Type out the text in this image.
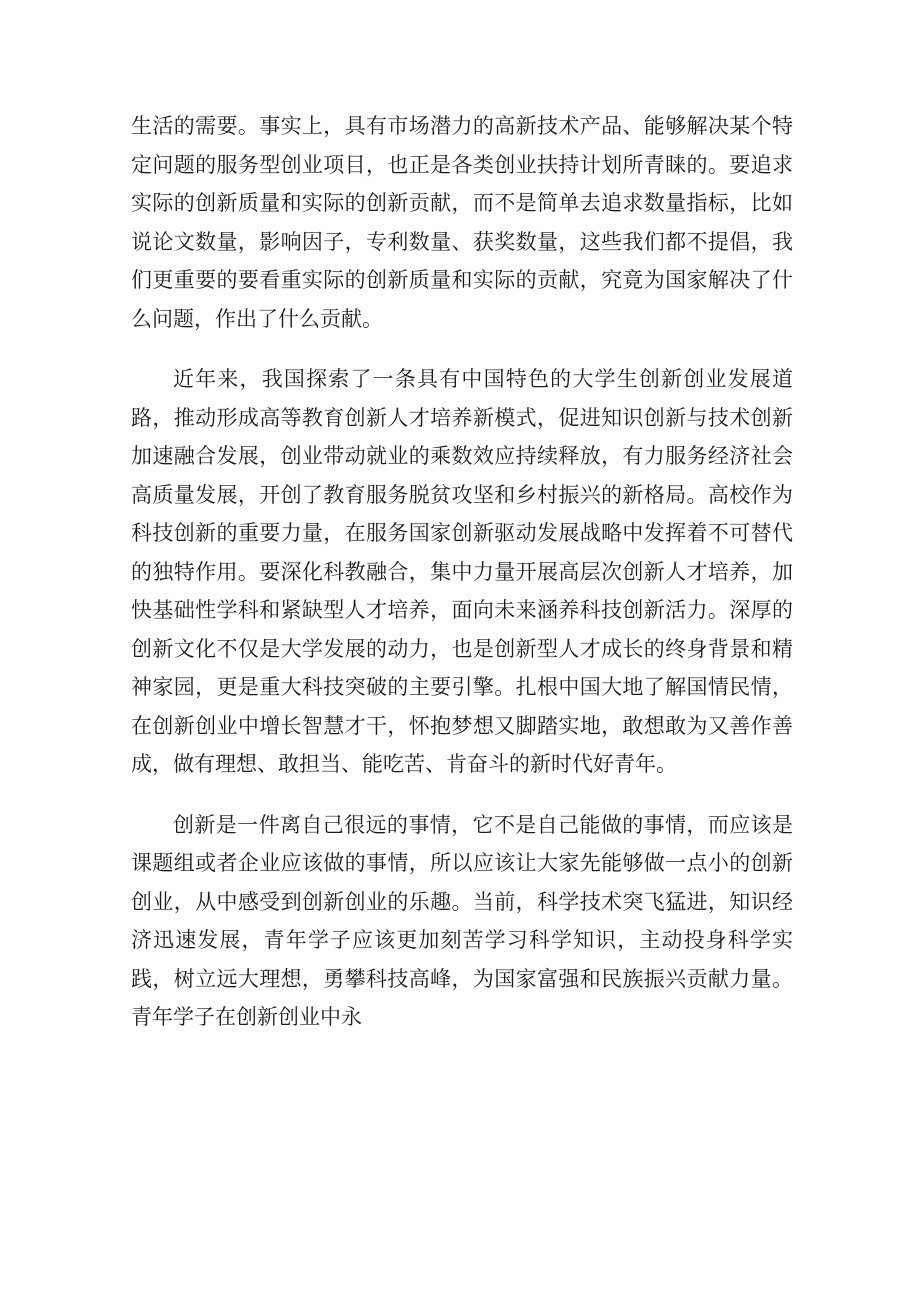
生活的需要。事实上，具有市场潜力的高新技术产品、能够解决某个特定问题的服务型创业项目，也正是各类创业扶持计划所青睐的。要追求实际的创新质量和实际的创新贡献，而不是简单去追求数量指标，比如说论文数量，影响因子，专利数量、获奖数量，这些我们都不提倡，我们更重要的要看重实际的创新质量和实际的贡献，究竟为国家解决了什么问题，作出了什么贡献。

近年来，我国探索了一条具有中国特色的大学生创新创业发展道路，推动形成高等教育创新人才培养新模式，促进知识创新与技术创新加速融合发展，创业带动就业的乘数效应持续释放，有力服务经济社会高质量发展，开创了教育服务脱贫攻坚和乡村振兴的新格局。高校作为科技创新的重要力量，在服务国家创新驱动发展战略中发挥着不可替代的独特作用。要深化科教融合，集中力量开展高层次创新人才培养，加快基础性学科和紧缺型人才培养，面向未来涵养科技创新活力。深厚的创新文化不仅是大学发展的动力，也是创新型人才成长的终身背景和精神家园，更是重大科技突破的主要引擎。扎根中国大地了解国情民情，在创新创业中增长智慧才干，怀抱梦想又脚踏实地，敢想敢为又善作善成，做有理想、敢担当、能吃苦、肯奋斗的新时代好青年。

创新是一件离自己很远的事情，它不是自己能做的事情，而应该是课题组或者企业应该做的事情，所以应该让大家先能够做一点小的创新创业，从中感受到创新创业的乐趣。当前，科学技术突飞猛进，知识经济迅速发展，青年学子应该更加刻苦学习科学知识，主动投身科学实践，树立远大理想，勇攀科技高峰，为国家富强和民族振兴贡献力量。青年学子在创新创业中永
